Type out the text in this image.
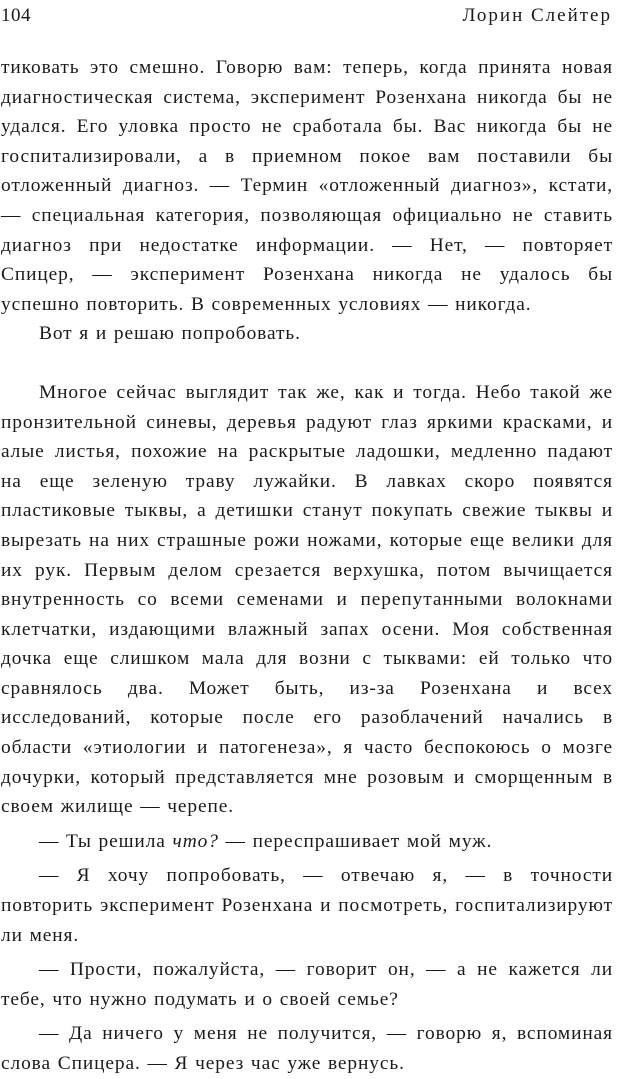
104	Лорин Слейтер

тиковать это смешно. Говорю вам: теперь, когда принята новая диагностическая система, эксперимент Розенхана никогда бы не удался. Его уловка просто не сработала бы. Вас никогда бы не госпитализировали, а в приемном покое вам поставили бы отложенный диагноз. — Термин «отложенный диагноз», кстати, — специальная категория, позволяющая официально не ставить диагноз при недостатке информации. — Нет, — повторяет Спицер, — эксперимент Розенхана никогда не удалось бы успешно повторить. В современных условиях — никогда.

Вот я и решаю попробовать.

Многое сейчас выглядит так же, как и тогда. Небо такой же пронзительной синевы, деревья радуют глаз яркими красками, и алые листья, похожие на раскрытые ладошки, медленно падают на еще зеленую траву лужайки. В лавках скоро появятся пластиковые тыквы, а детишки станут покупать свежие тыквы и вырезать на них страшные рожи ножами, которые еще велики для их рук. Первым делом срезается верхушка, потом вычищается внутренность со всеми семенами и перепутанными волокнами клетчатки, издающими влажный запах осени. Моя собственная дочка еще слишком мала для возни с тыквами: ей только что сравнялось два. Может быть, из-за Розенхана и всех исследований, которые после его разоблачений начались в области «этиологии и патогенеза», я часто беспокоюсь о мозге дочурки, который представляется мне розовым и сморщенным в своем жилище — черепе.

— Ты решила что? — переспрашивает мой муж.

— Я хочу попробовать, — отвечаю я, — в точности повторить эксперимент Розенхана и посмотреть, госпитализируют ли меня.

— Прости, пожалуйста, — говорит он, — а не кажется ли тебе, что нужно подумать и о своей семье?

— Да ничего у меня не получится, — говорю я, вспоминая слова Спицера. — Я через час уже вернусь.
